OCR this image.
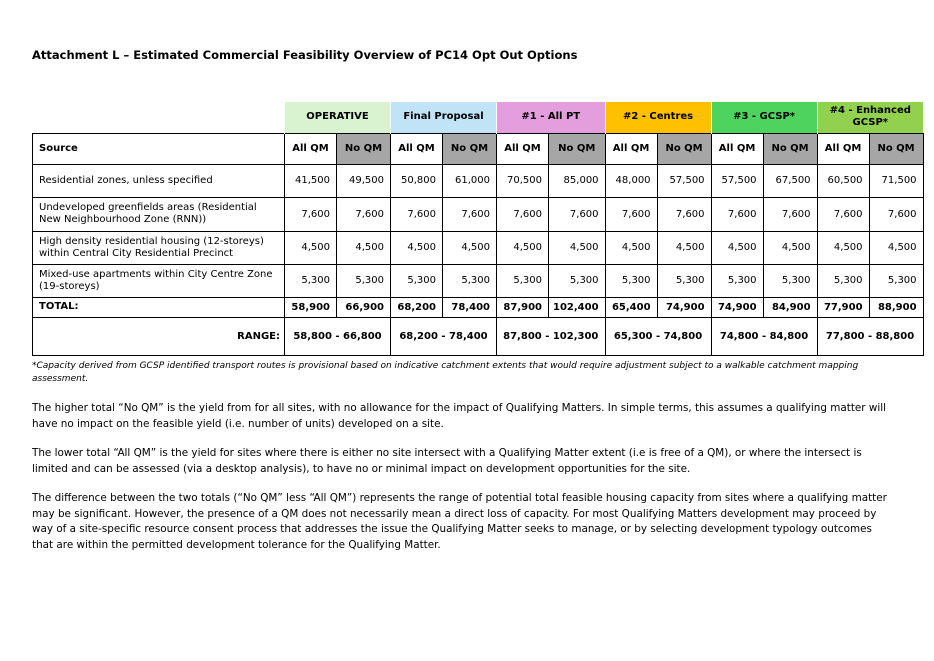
Attachment L – Estimated Commercial Feasibility Overview of PC14 Opt Out Options
	OPERATIVE		Final Proposal		#1 - All PT		#2 - Centres		#3 - GCSP*		#4 - Enhanced GCSP*	
Source	All QM	No QM	All QM	No QM	All QM	No QM	All QM	No QM	All QM	No QM	All QM	No QM
Residential zones, unless specified	41,500	49,500	50,800	61,000	70,500	85,000	48,000	57,500	57,500	67,500	60,500	71,500
Undeveloped greenfields areas (Residential New Neighbourhood Zone (RNN))	7,600	7,600	7,600	7,600	7,600	7,600	7,600	7,600	7,600	7,600	7,600	7,600
High density residential housing (12-storeys) within Central City Residential Precinct	4,500	4,500	4,500	4,500	4,500	4,500	4,500	4,500	4,500	4,500	4,500	4,500
Mixed-use apartments within City Centre Zone (19-storeys)	5,300	5,300	5,300	5,300	5,300	5,300	5,300	5,300	5,300	5,300	5,300	5,300
TOTAL:	58,900	66,900	68,200	78,400	87,900	102,400	65,400	74,900	74,900	84,900	77,900	88,900
RANGE:	58,800 - 66,800		68,200 - 78,400		87,800 - 102,300		65,300 - 74,800		74,800 - 84,800		77,800 - 88,800	
*Capacity derived from GCSP identified transport routes is provisional based on indicative catchment extents that would require adjustment subject to a walkable catchment mapping assessment.
The higher total “No QM” is the yield from for all sites, with no allowance for the impact of Qualifying Matters. In simple terms, this assumes a qualifying matter will have no impact on the feasible yield (i.e. number of units) developed on a site.
The lower total “All QM” is the yield for sites where there is either no site intersect with a Qualifying Matter extent (i.e is free of a QM), or where the intersect is limited and can be assessed (via a desktop analysis), to have no or minimal impact on development opportunities for the site.
The difference between the two totals (“No QM” less “All QM”) represents the range of potential total feasible housing capacity from sites where a qualifying matter may be significant. However, the presence of a QM does not necessarily mean a direct loss of capacity. For most Qualifying Matters development may proceed by way of a site-specific resource consent process that addresses the issue the Qualifying Matter seeks to manage, or by selecting development typology outcomes that are within the permitted development tolerance for the Qualifying Matter.
